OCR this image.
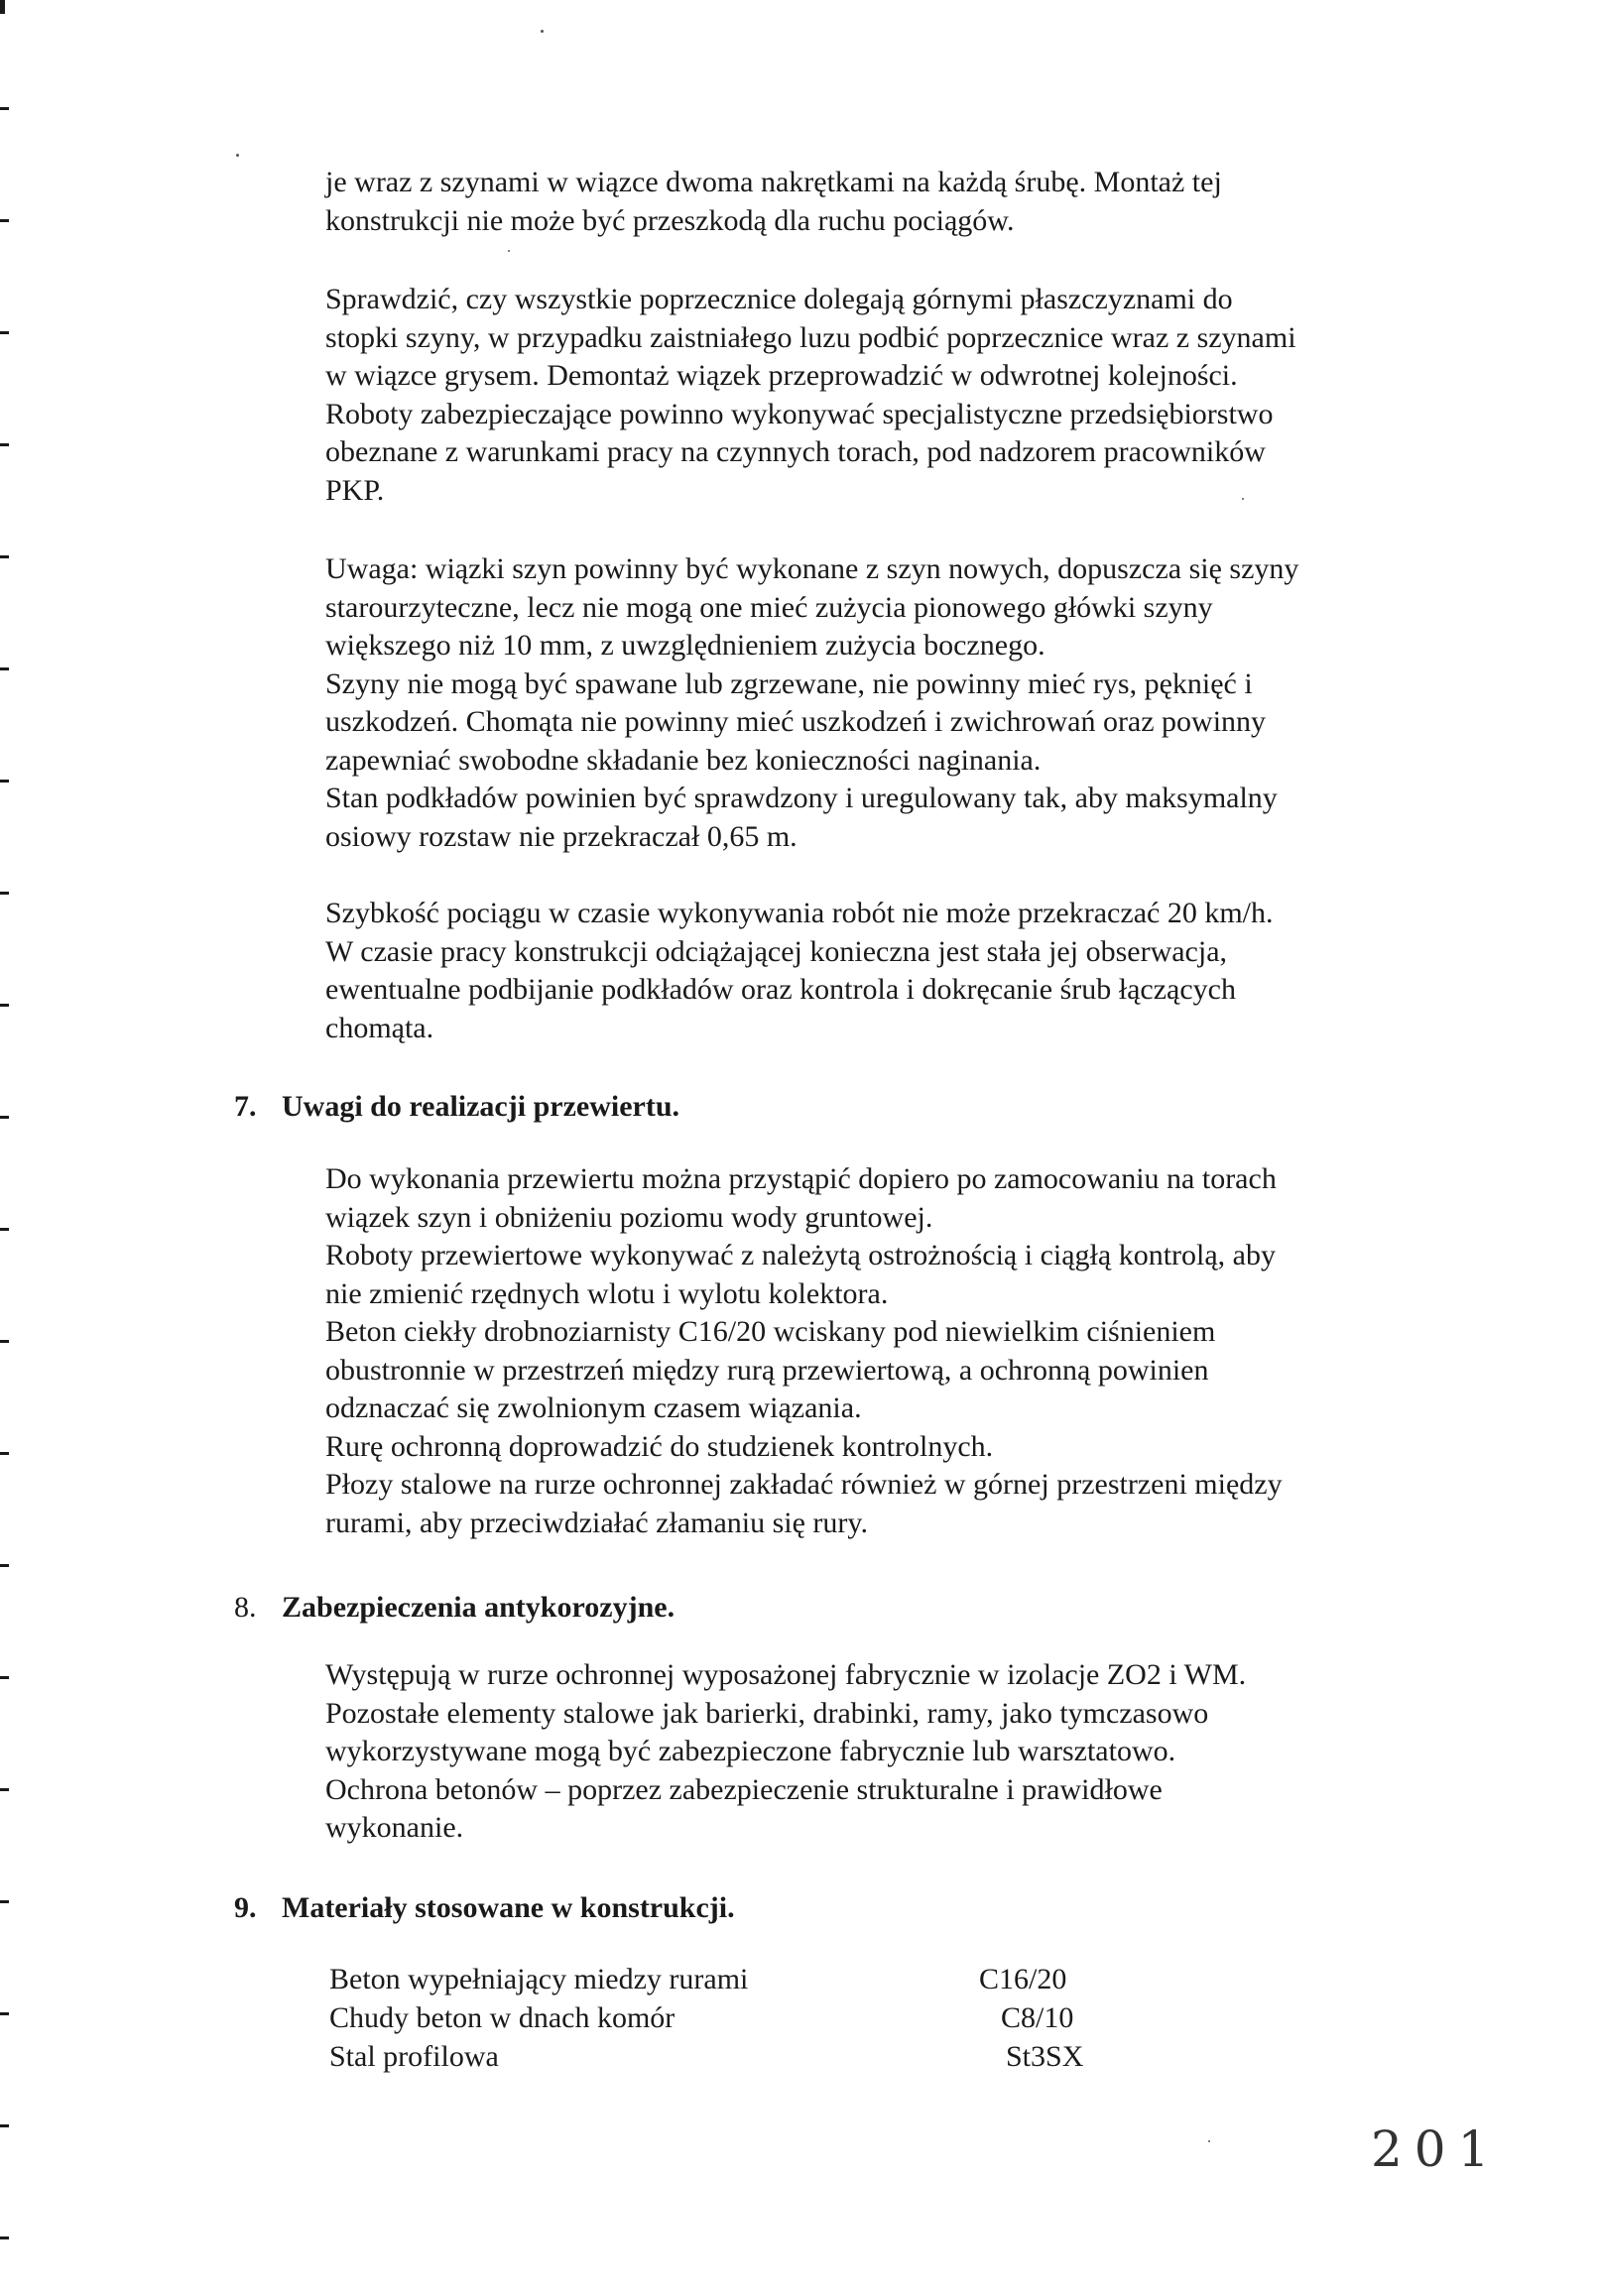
je wraz z szynami w wiązce dwoma nakrętkami na każdą śrubę. Montaż tej

konstrukcji nie może być przeszkodą dla ruchu pociągów.

Sprawdzić, czy wszystkie poprzecznice dolegają górnymi płaszczyznami do

stopki szyny, w przypadku zaistniałego luzu podbić poprzecznice wraz z szynami

w wiązce grysem. Demontaż wiązek przeprowadzić w odwrotnej kolejności.

Roboty zabezpieczające powinno wykonywać specjalistyczne przedsiębiorstwo

obeznane z warunkami pracy na czynnych torach, pod nadzorem pracowników

PKP.

Uwaga: wiązki szyn powinny być wykonane z szyn nowych, dopuszcza się szyny

starourzyteczne, lecz nie mogą one mieć zużycia pionowego główki szyny

większego niż 10 mm, z uwzględnieniem zużycia bocznego.

Szyny nie mogą być spawane lub zgrzewane, nie powinny mieć rys, pęknięć i

uszkodzeń. Chomąta nie powinny mieć uszkodzeń i zwichrowań oraz powinny

zapewniać swobodne składanie bez konieczności naginania.

Stan podkładów powinien być sprawdzony i uregulowany tak, aby maksymalny

osiowy rozstaw nie przekraczał 0,65 m.

Szybkość pociągu w czasie wykonywania robót nie może przekraczać 20 km/h.

W czasie pracy konstrukcji odciążającej konieczna jest stała jej obserwacja,

ewentualne podbijanie podkładów oraz kontrola i dokręcanie śrub łączących

chomąta.

7. Uwagi do realizacji przewiertu.

Do wykonania przewiertu można przystąpić dopiero po zamocowaniu na torach

wiązek szyn i obniżeniu poziomu wody gruntowej.

Roboty przewiertowe wykonywać z należytą ostrożnością i ciągłą kontrolą, aby

nie zmienić rzędnych wlotu i wylotu kolektora.

Beton ciekły drobnoziarnisty C16/20 wciskany pod niewielkim ciśnieniem

obustronnie w przestrzeń między rurą przewiertową, a ochronną powinien

odznaczać się zwolnionym czasem wiązania.

Rurę ochronną doprowadzić do studzienek kontrolnych.

Płozy stalowe na rurze ochronnej zakładać również w górnej przestrzeni między

rurami, aby przeciwdziałać złamaniu się rury.

8. Zabezpieczenia antykorozyjne.

Występują w rurze ochronnej wyposażonej fabrycznie w izolacje ZO2 i WM.

Pozostałe elementy stalowe jak barierki, drabinki, ramy, jako tymczasowo

wykorzystywane mogą być zabezpieczone fabrycznie lub warsztatowo.

Ochrona betonów – poprzez zabezpieczenie strukturalne i prawidłowe

wykonanie.

9. Materiały stosowane w konstrukcji.
Beton wypełniający miedzy rurami	C16/20
Chudy beton w dnach komór	C8/10
Stal profilowa	St3SX
201
